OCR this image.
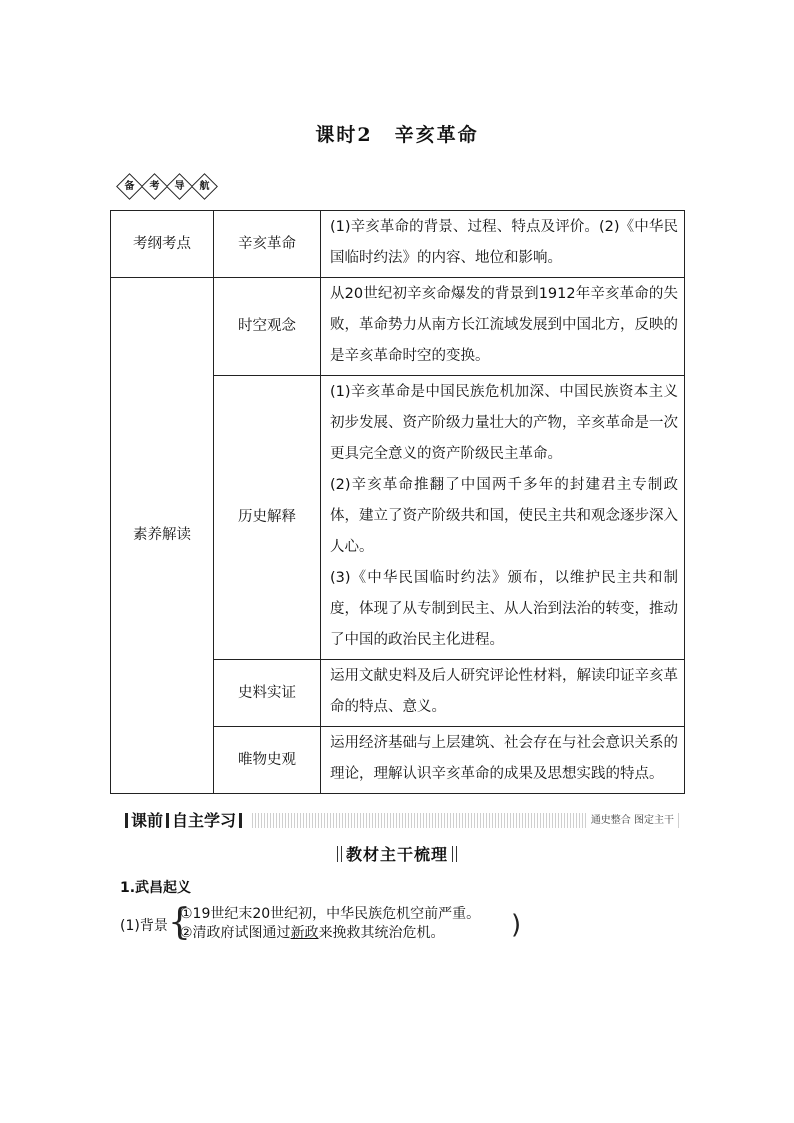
课时2 辛亥革命
备 考 导 航
考纲考点	辛亥革命	(1)辛亥革命的背景、过程、特点及评价。(2)《中华民国临时约法》的内容、地位和影响。
素养解读	时空观念	从20世纪初辛亥命爆发的背景到1912年辛亥革命的失败，革命势力从南方长江流域发展到中国北方，反映的是辛亥革命时空的变换。
	历史解释	(1)辛亥革命是中国民族危机加深、中国民族资本主义初步发展、资产阶级力量壮大的产物，辛亥革命是一次更具完全意义的资产阶级民主革命。
(2)辛亥革命推翻了中国两千多年的封建君主专制政体，建立了资产阶级共和国，使民主共和观念逐步深入人心。
(3)《中华民国临时约法》颁布，以维护民主共和制度，体现了从专制到民主、从人治到法治的转变，推动了中国的政治民主化进程。

	史料实证	运用文献史料及后人研究评论性材料，解读印证辛亥革命的特点、意义。
	唯物史观	运用经济基础与上层建筑、社会存在与社会意识关系的理论，理解认识辛亥革命的成果及思想实践的特点。
课前 自主学习	通史整合 图定主干
教材主干梳理
1.武昌起义
(1)背景 {
①19世纪末20世纪初，中华民族危机空前严重。
②清政府试图通过新政来挽救其统治危机。	)
